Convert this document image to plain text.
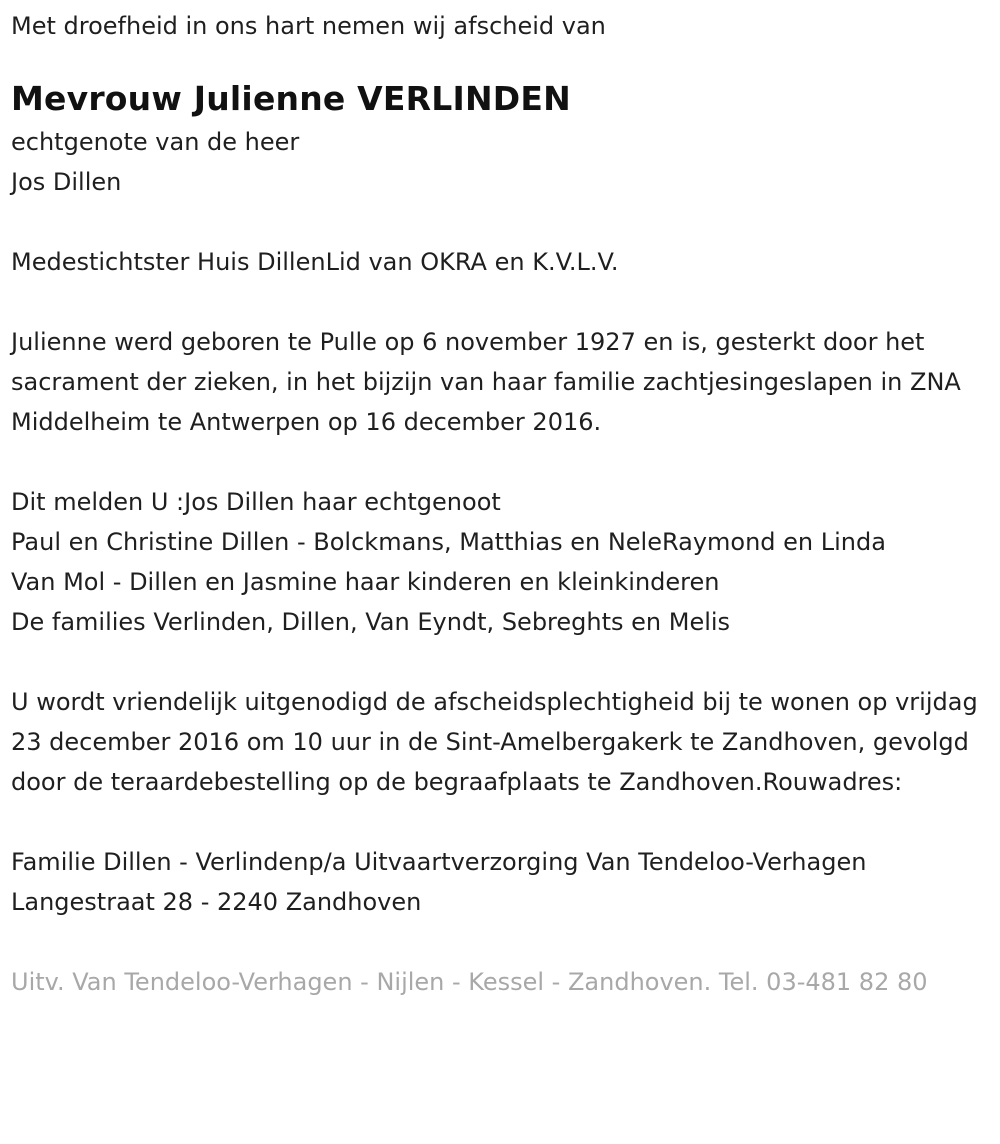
Met droefheid in ons hart nemen wij afscheid van

Mevrouw Julienne VERLINDEN

echtgenote van de heer

Jos Dillen

Medestichtster Huis DillenLid van OKRA en K.V.L.V.

Julienne werd geboren te Pulle op 6 november 1927 en is, gesterkt door het sacrament der zieken, in het bijzijn van haar familie zachtjesingeslapen in ZNA Middelheim te Antwerpen op 16 december 2016.

Dit melden U :Jos Dillen haar echtgenoot

Paul en Christine Dillen - Bolckmans, Matthias en NeleRaymond en Linda

Van Mol - Dillen en Jasmine haar kinderen en kleinkinderen

De families Verlinden, Dillen, Van Eyndt, Sebreghts en Melis

U wordt vriendelijk uitgenodigd de afscheidsplechtigheid bij te wonen op vrijdag 23 december 2016 om 10 uur in de Sint-Amelbergakerk te Zandhoven, gevolgd door de teraardebestelling op de begraafplaats te Zandhoven.Rouwadres:

Familie Dillen - Verlindenp/a Uitvaartverzorging Van Tendeloo-Verhagen

Langestraat 28 - 2240 Zandhoven

Uitv. Van Tendeloo-Verhagen - Nijlen - Kessel - Zandhoven. Tel. 03-481 82 80
